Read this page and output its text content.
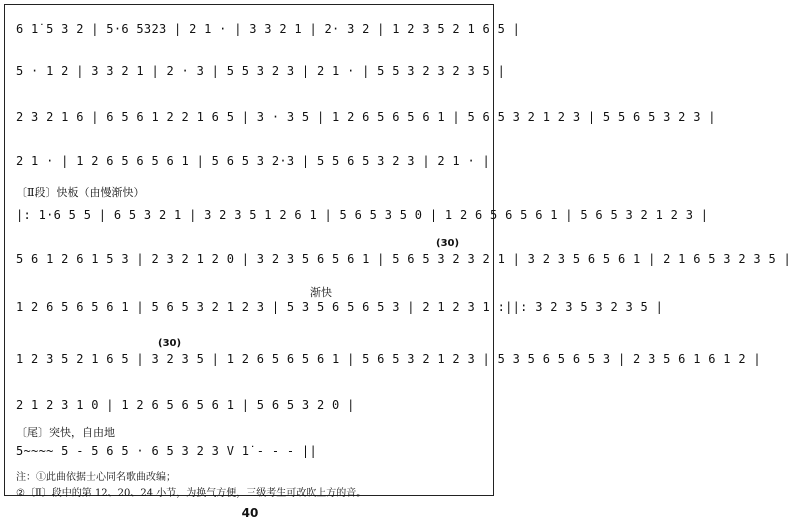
6 1̇ 5 3 2 | 5·6 5323 | 2 1 · | 3 3 2 1 | 2· 3 2 | 1 2 3 5 2 1 6 5 |
5 · 1 2 | 3 3 2 1 | 2 · 3 | 5 5 3 2 3 | 2 1 · | 5 5 3 2 3 2 3 5 |
2 3 2 1 6 | 6 5 6 1 2 2 1 6 5 | 3 · 3 5 | 1 2 6 5 6 5 6 1 | 5 6 5 3 2 1 2 3 | 5 5 6 5 3 2 3 |
2 1 · | 1 2 6 5 6 5 6 1 | 5 6 5 3 2·3 | 5 5 6 5 3 2 3 | 2 1 · |
〔Ⅱ段〕快板（由慢渐快）
|: 1·6 5 5 | 6 5 3 2 1 | 3 2 3 5 1 2 6 1 | 5 6 5 3 5 0 | 1 2 6 5 6 5 6 1 | 5 6 5 3 2 1 2 3 |
(30)
5 6 1 2 6 1 5 3 | 2 3 2 1 2 0 | 3 2 3 5 6 5 6 1 | 5 6 5 3 2 3 2 1 | 3 2 3 5 6 5 6 1 | 2 1 6 5 3 2 3 5 |
渐快
1 2 6 5 6 5 6 1 | 5 6 5 3 2 1 2 3 | 5 3 5 6 5 6 5 3 | 2 1 2 3 1 :||: 3 2 3 5 3 2 3 5 |
(30)
1 2 3 5 2 1 6 5 | 3 2 3 5 | 1 2 6 5 6 5 6 1 | 5 6 5 3 2 1 2 3 | 5 3 5 6 5 6 5 3 | 2 3 5 6 1 6 1 2 |
2 1 2 3 1 0 | 1 2 6 5 6 5 6 1 | 5 6 5 3 2 0 |
〔尾〕突快，自由地
5~~~~ 5 - 5 6 5 · 6 5 3 2 3 V 1̇ - - - ||
注：①此曲依据士心同名歌曲改编；
②〔Ⅱ〕段中的第 12、20、24 小节，为换气方便，三级考生可改吹上方的音。
40
